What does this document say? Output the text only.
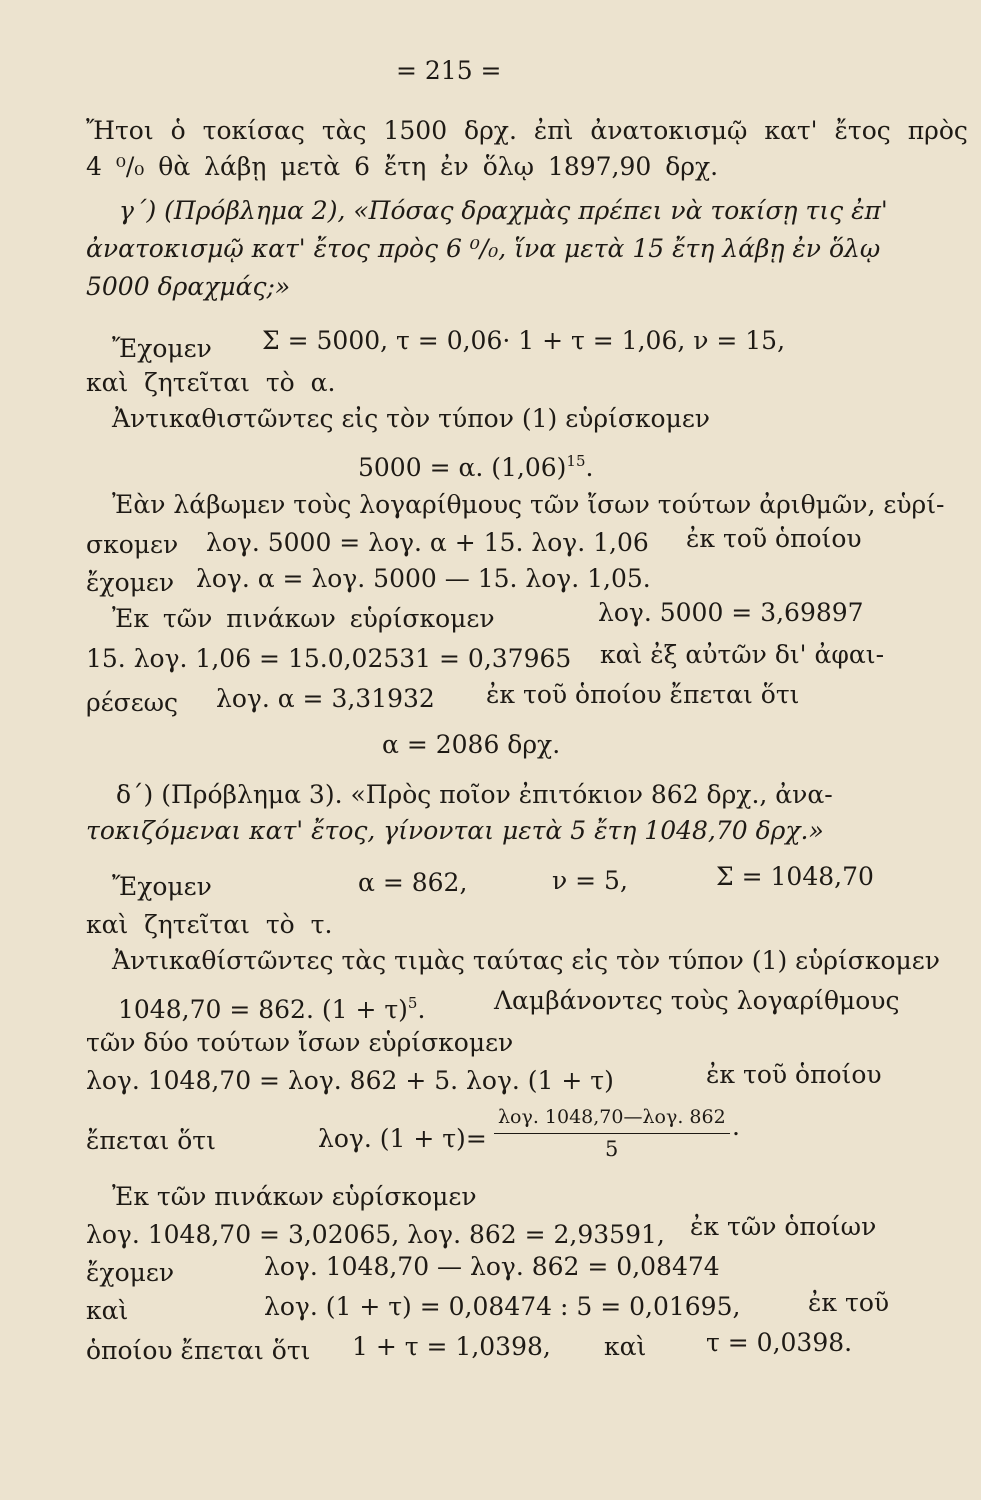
= 215 =
Ἤτοι ὁ τοκίσας τὰς 1500 δρχ. ἐπὶ ἀνατοκισμῷ κατ' ἔτος πρὸς
4 ⁰/₀ θὰ λάβῃ μετὰ 6 ἔτη ἐν ὅλῳ 1897,90 δρχ.
γ΄) (Πρόβλημα 2), «Πόσας δραχμὰς πρέπει νὰ τοκίσῃ τις ἐπ'
ἀνατοκισμῷ κατ' ἔτος πρὸς 6 ⁰/₀, ἵνα μετὰ 15 ἔτη λάβῃ ἐν ὅλῳ
5000 δραχμάς;»
Ἔχομεν Σ = 5000, τ = 0,06· 1 + τ = 1,06, ν = 15,
καὶ ζητεῖται τὸ α.
Ἀντικαθιστῶντες εἰς τὸν τύπον (1) εὑρίσκομεν
5000 = α. $(1,06)^{15}$.
Ἐὰν λάβωμεν τοὺς λογαρίθμους τῶν ἴσων τούτων ἀριθμῶν, εὑρί-
σκομεν λογ. 5000 = λογ. α + 15. λογ. 1,06 ἐκ τοῦ ὁποίου
ἔχομεν λογ. α = λογ. 5000 — 15. λογ. 1,05.
Ἐκ τῶν πινάκων εὑρίσκομεν	λογ. 5000 = 3,69897
15. λογ. 1,06 = 15.0,02531 = 0,37965 καὶ ἐξ αὐτῶν δι' ἀφαι-
ρέσεως λογ. α = 3,31932 ἐκ τοῦ ὁποίου ἔπεται ὅτι
α = 2086 δρχ.
δ΄) (Πρόβλημα 3). «Πρὸς ποῖον ἐπιτόκιον 862 δρχ., ἀνα-
τοκιζόμεναι κατ' ἔτος, γίνονται μετὰ 5 ἔτη 1048,70 δρχ.»
Ἔχομεν	α = 862,	ν = 5,	Σ = 1048,70
καὶ ζητεῖται τὸ τ.
Ἀντικαθίστῶντες τὰς τιμὰς ταύτας εἰς τὸν τύπον (1) εὑρίσκομεν
1048,70 = 862. $(1 + \tau)^5$.	Λαμβάνοντες τοὺς λογαρίθμους
τῶν δύο τούτων ἴσων εὑρίσκομεν
λογ. 1048,70 = λογ. 862 + 5. λογ. (1 + τ)	ἐκ τοῦ ὁποίου
ἔπεται ὅτι	λογ. (1 + τ)=
λογ. 1048,70—λογ. 862
5
.
Ἐκ τῶν πινάκων εὑρίσκομεν
λογ. 1048,70 = 3,02065, λογ. 862 = 2,93591, ἐκ τῶν ὁποίων
ἔχομεν	λογ. 1048,70 — λογ. 862 = 0,08474
καὶ	λογ. (1 + τ) = 0,08474 : 5 = 0,01695,	ἐκ τοῦ
ὁποίου ἔπεται ὅτι 1 + τ = 1,0398, καὶ τ = 0,0398.
